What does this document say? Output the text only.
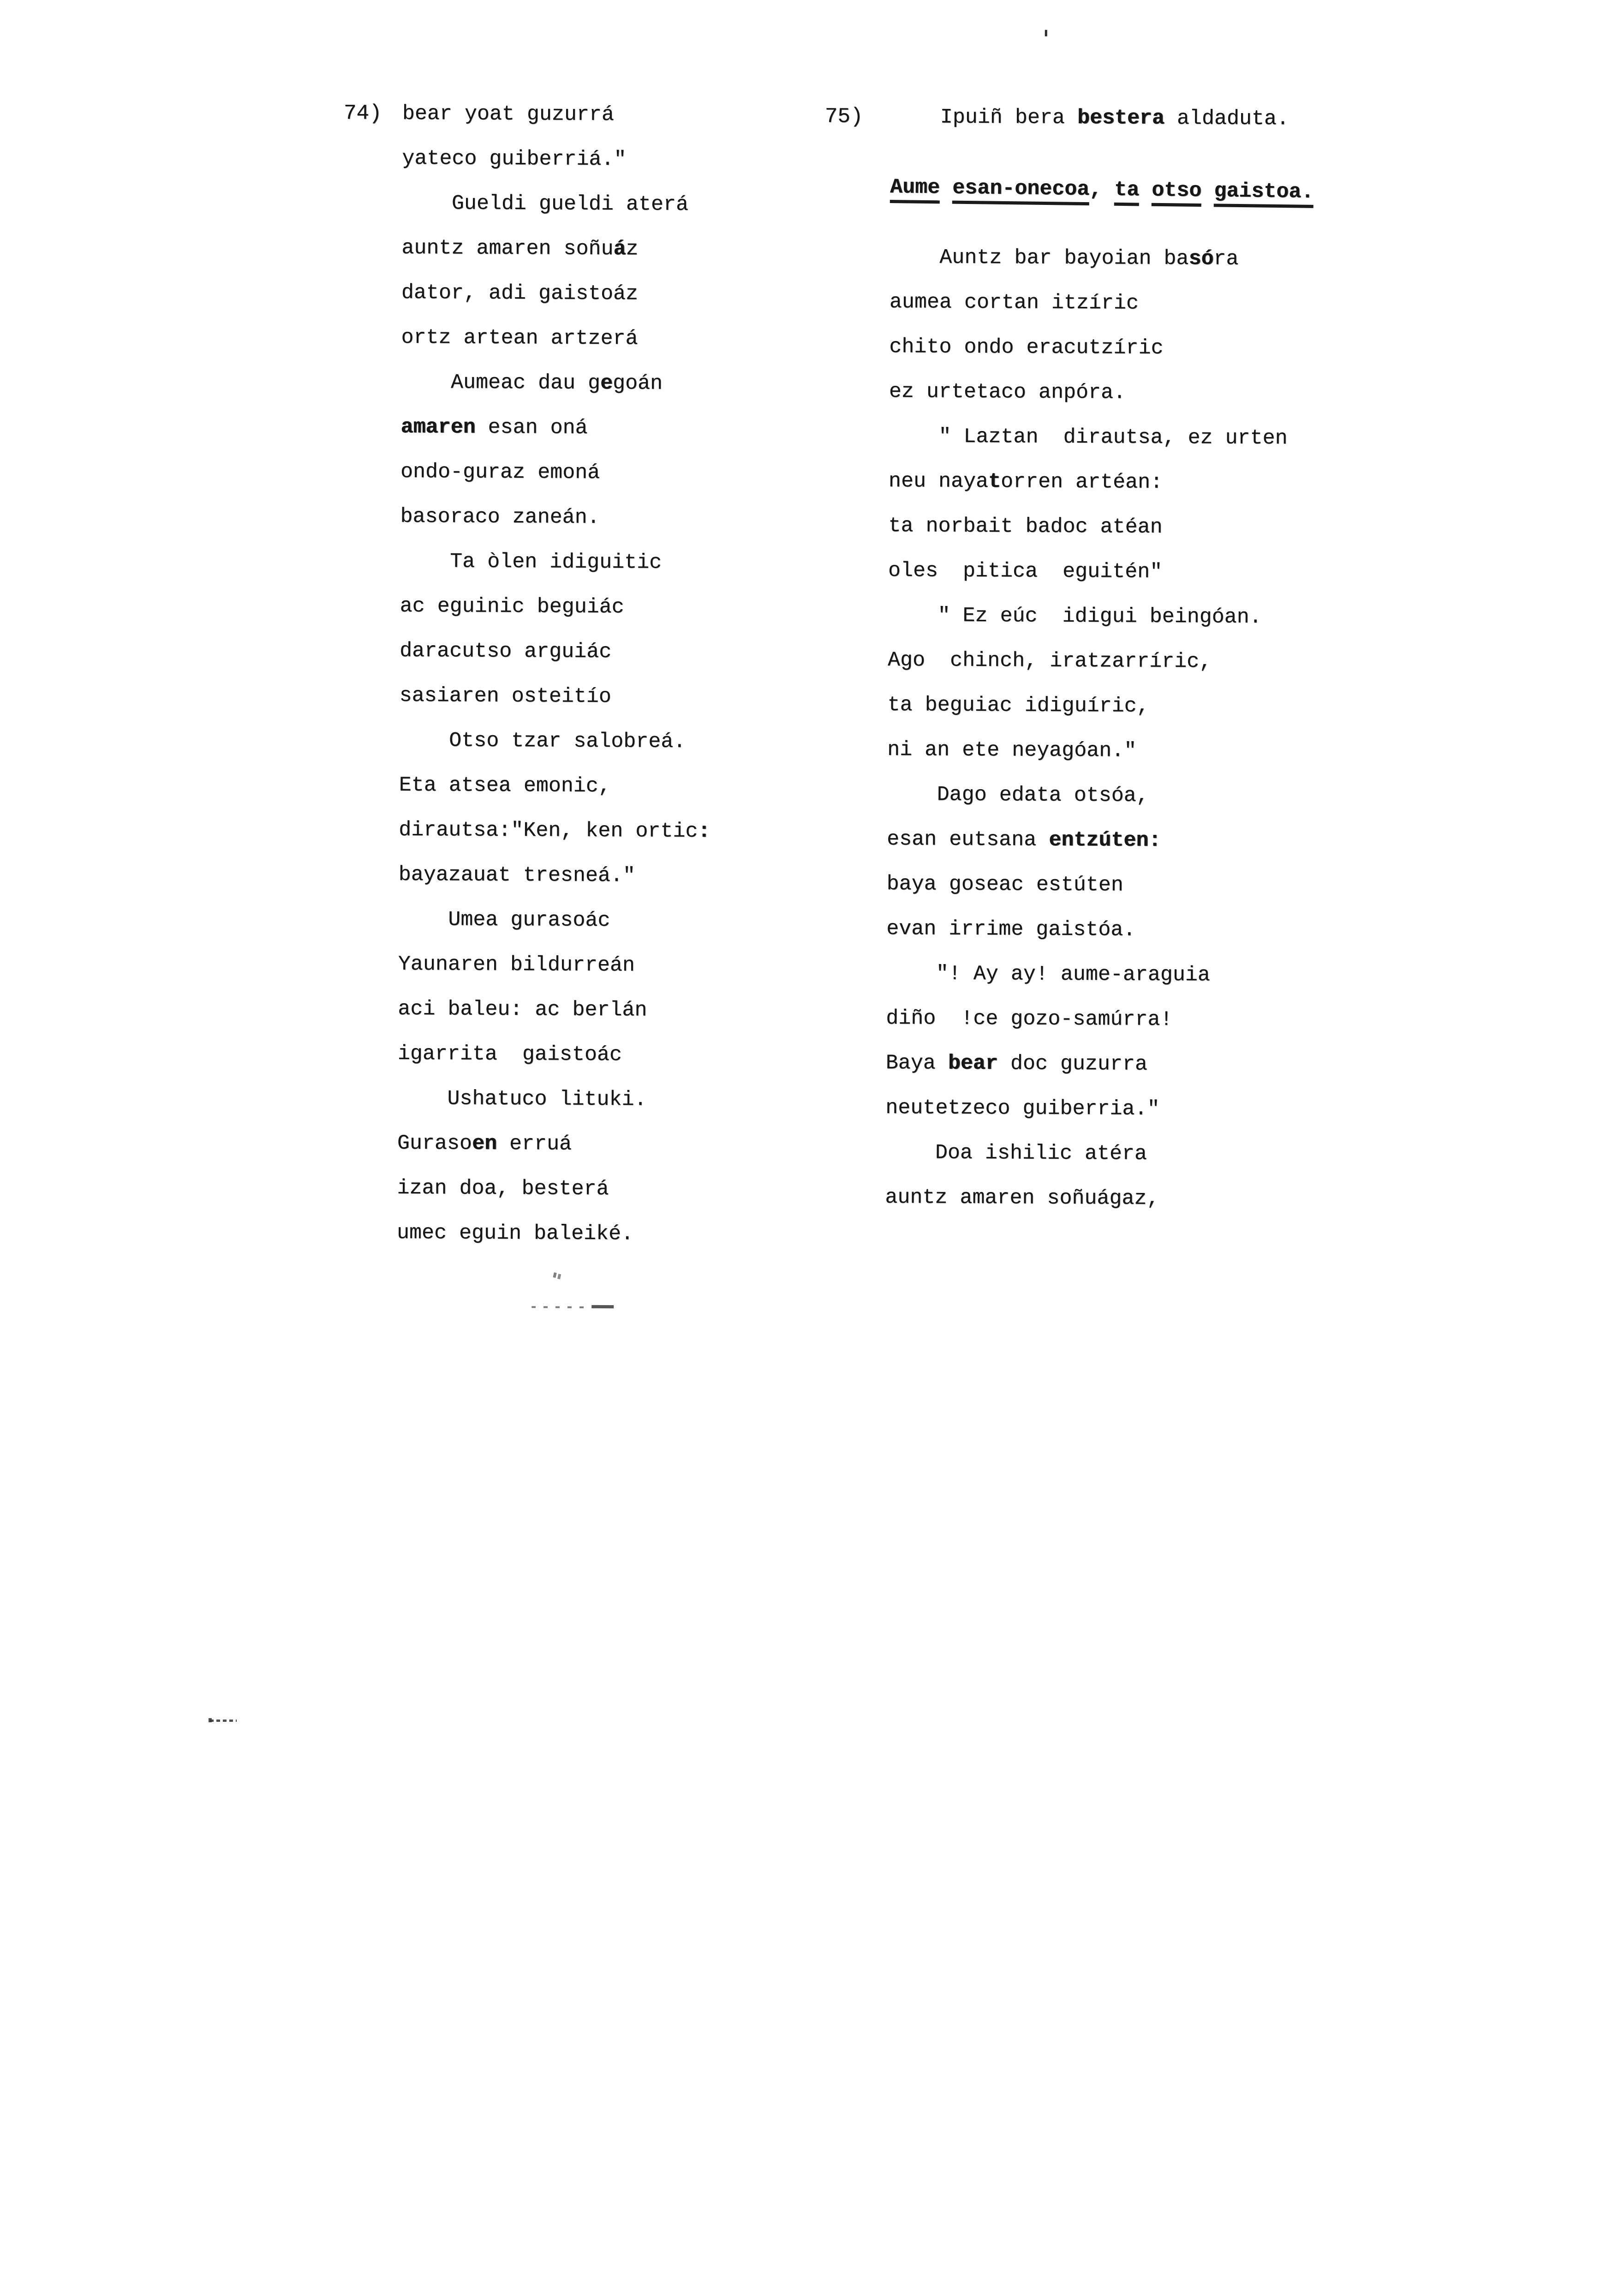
74) bear yoat guzurrá
yateco guiberriá."
Gueldi gueldi aterá
auntz amaren soñuáz
dator, adi gaistoáz
ortz artean artzerá
Aumeac dau gegoán
amaren esan oná
ondo-guraz emoná
basoraco zaneán.
Ta òlen idiguitic
ac eguinic beguiác
daracutso arguiác
sasiaren osteitío
Otso tzar salobreá.
Eta atsea emonic,
dirautsa:"Ken, ken ortic:
bayazauat tresneá."
Umea gurasoác
Yaunaren bildurreán
aci baleu: ac berlán
igarrita  gaistoác
Ushatuco lituki.
Gurasoen erruá
izan doa, besterá
umec eguin baleiké.
75)	Ipuiñ bera bestera aldaduta.
Aume esan-onecoa, ta otso gaistoa.
Auntz bar bayoian basóra
aumea cortan itzíric
chito ondo eracutzíric
ez urtetaco anpóra.
" Laztan  dirautsa, ez urten
neu nayatorren artéan:
ta norbait badoc atéan
oles  pitica  eguitén"
" Ez eúc  idigui beingóan.
Ago  chinch, iratzarríric,
ta beguiac idiguíric,
ni an ete neyagóan."
Dago edata otsóa,
esan eutsana entzúten:
baya goseac estúten
evan irrime gaistóa.
"! Ay ay! aume-araguia
diño  !ce gozo-samúrra!
Baya bear doc guzurra
neutetzeco guiberria."
Doa ishilic atéra
auntz amaren soñuágaz,
